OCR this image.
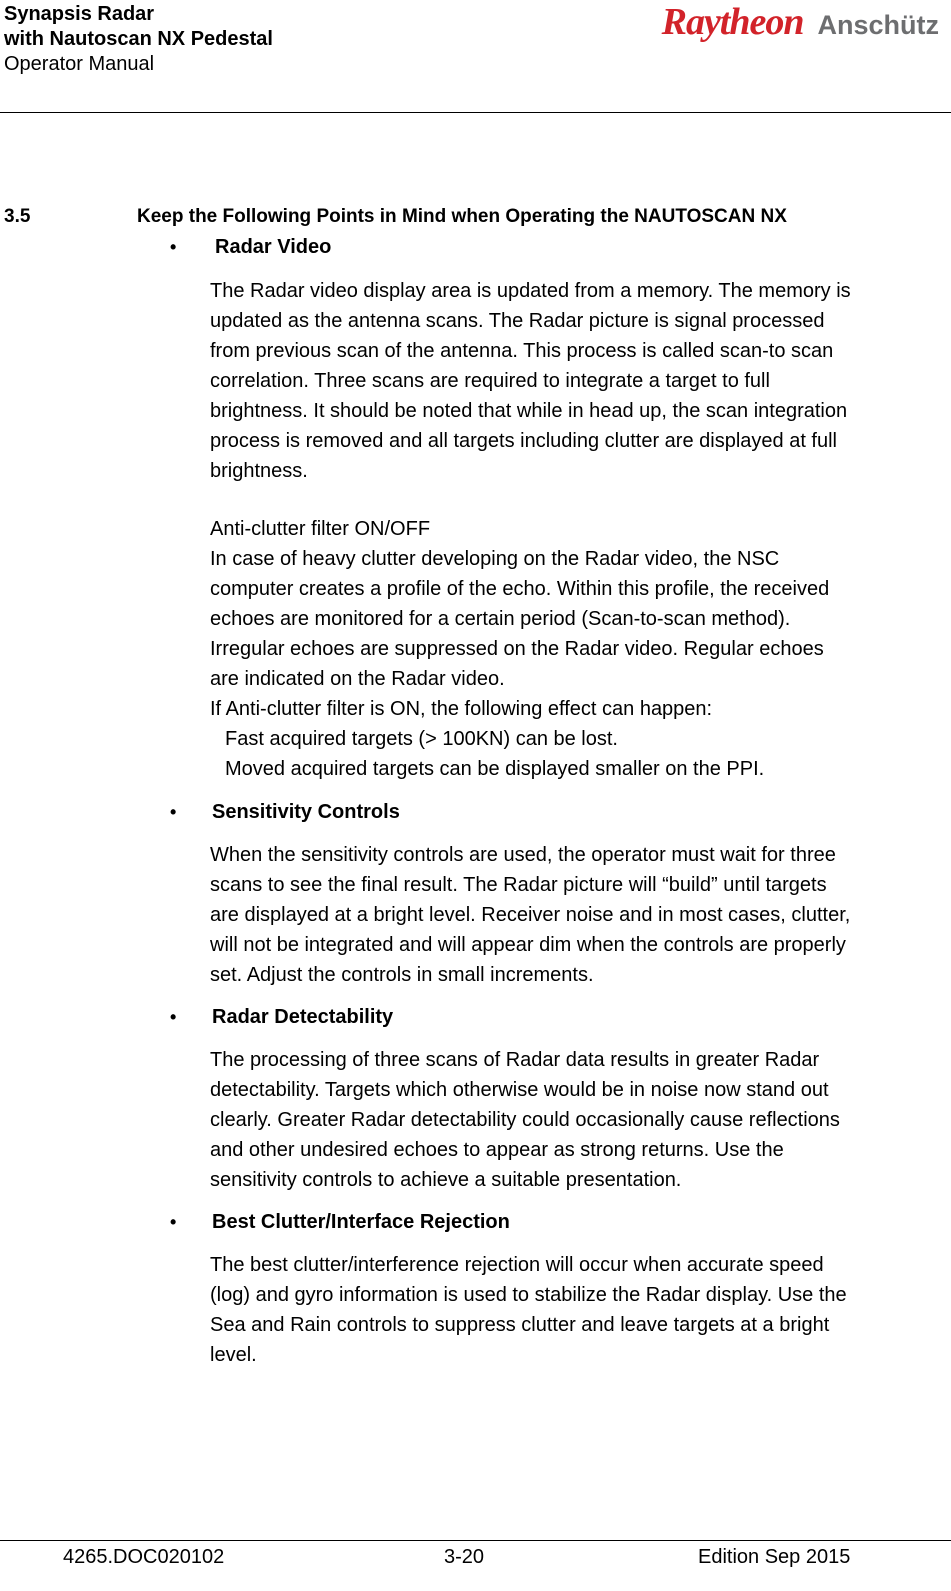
Synapsis Radar
with Nautoscan NX Pedestal
Operator Manual
Raytheon Anschütz
3.5	Keep the Following Points in Mind when Operating the NAUTOSCAN NX
• Radar Video
The Radar video display area is updated from a memory. The memory is
updated as the antenna scans. The Radar picture is signal processed
from previous scan of the antenna. This process is called scan-to scan
correlation. Three scans are required to integrate a target to full
brightness. It should be noted that while in head up, the scan integration
process is removed and all targets including clutter are displayed at full
brightness.
Anti-clutter filter ON/OFF
In case of heavy clutter developing on the Radar video, the NSC
computer creates a profile of the echo. Within this profile, the received
echoes are monitored for a certain period (Scan-to-scan method).
Irregular echoes are suppressed on the Radar video. Regular echoes
are indicated on the Radar video.
If Anti-clutter filter is ON, the following effect can happen:
Fast acquired targets (> 100KN) can be lost.
Moved acquired targets can be displayed smaller on the PPI.
• Sensitivity Controls
When the sensitivity controls are used, the operator must wait for three
scans to see the final result. The Radar picture will “build” until targets
are displayed at a bright level. Receiver noise and in most cases, clutter,
will not be integrated and will appear dim when the controls are properly
set. Adjust the controls in small increments.
• Radar Detectability
The processing of three scans of Radar data results in greater Radar
detectability. Targets which otherwise would be in noise now stand out
clearly. Greater Radar detectability could occasionally cause reflections
and other undesired echoes to appear as strong returns. Use the
sensitivity controls to achieve a suitable presentation.
• Best Clutter/Interface Rejection
The best clutter/interference rejection will occur when accurate speed
(log) and gyro information is used to stabilize the Radar display. Use the
Sea and Rain controls to suppress clutter and leave targets at a bright
level.
4265.DOC020102	3-20	Edition Sep 2015
